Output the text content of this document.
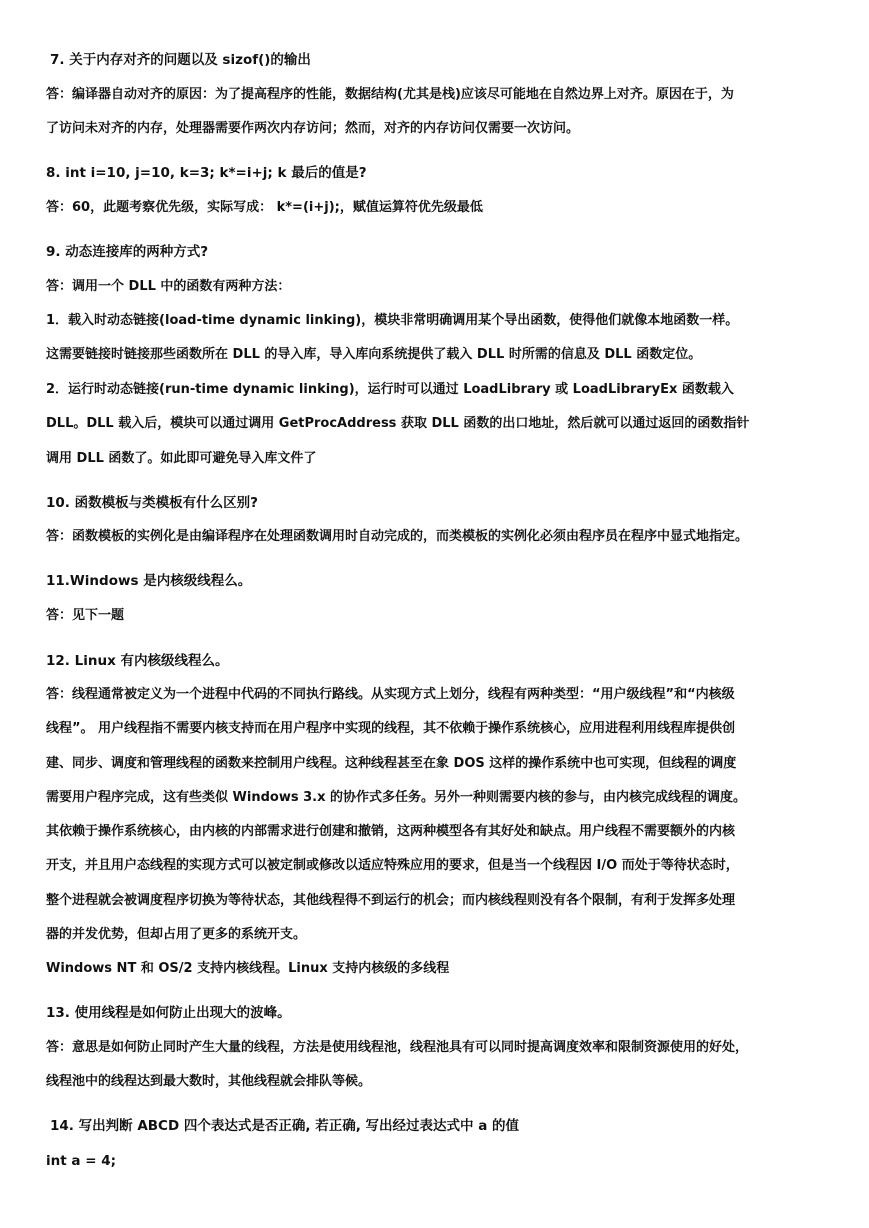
7. 关于内存对齐的问题以及 sizof()的输出
答：编译器自动对齐的原因：为了提高程序的性能，数据结构(尤其是栈)应该尽可能地在自然边界上对齐。原因在于，为
了访问未对齐的内存，处理器需要作两次内存访问；然而，对齐的内存访问仅需要一次访问。
8. int i=10, j=10, k=3; k*=i+j; k 最后的值是?
答：60，此题考察优先级，实际写成： k*=(i+j);，赋值运算符优先级最低
9. 动态连接库的两种方式?
答：调用一个 DLL 中的函数有两种方法：
1．载入时动态链接(load-time dynamic linking)，模块非常明确调用某个导出函数，使得他们就像本地函数一样。
这需要链接时链接那些函数所在 DLL 的导入库，导入库向系统提供了载入 DLL 时所需的信息及 DLL 函数定位。
2．运行时动态链接(run-time dynamic linking)，运行时可以通过 LoadLibrary 或 LoadLibraryEx 函数载入
DLL。DLL 载入后，模块可以通过调用 GetProcAddress 获取 DLL 函数的出口地址，然后就可以通过返回的函数指针
调用 DLL 函数了。如此即可避免导入库文件了
10. 函数模板与类模板有什么区别?
答：函数模板的实例化是由编译程序在处理函数调用时自动完成的，而类模板的实例化必须由程序员在程序中显式地指定。
11.Windows 是内核级线程么。
答：见下一题
12. Linux 有内核级线程么。
答：线程通常被定义为一个进程中代码的不同执行路线。从实现方式上划分，线程有两种类型：“用户级线程”和“内核级
线程”。 用户线程指不需要内核支持而在用户程序中实现的线程，其不依赖于操作系统核心，应用进程利用线程库提供创
建、同步、调度和管理线程的函数来控制用户线程。这种线程甚至在象 DOS 这样的操作系统中也可实现，但线程的调度
需要用户程序完成，这有些类似 Windows 3.x 的协作式多任务。另外一种则需要内核的参与，由内核完成线程的调度。
其依赖于操作系统核心，由内核的内部需求进行创建和撤销，这两种模型各有其好处和缺点。用户线程不需要额外的内核
开支，并且用户态线程的实现方式可以被定制或修改以适应特殊应用的要求，但是当一个线程因 I/O 而处于等待状态时，
整个进程就会被调度程序切换为等待状态，其他线程得不到运行的机会；而内核线程则没有各个限制，有利于发挥多处理
器的并发优势，但却占用了更多的系统开支。
Windows NT 和 OS/2 支持内核线程。Linux 支持内核级的多线程
13. 使用线程是如何防止出现大的波峰。
答：意思是如何防止同时产生大量的线程，方法是使用线程池，线程池具有可以同时提高调度效率和限制资源使用的好处，
线程池中的线程达到最大数时，其他线程就会排队等候。
14. 写出判断 ABCD 四个表达式是否正确, 若正确, 写出经过表达式中 a 的值
int a = 4;
